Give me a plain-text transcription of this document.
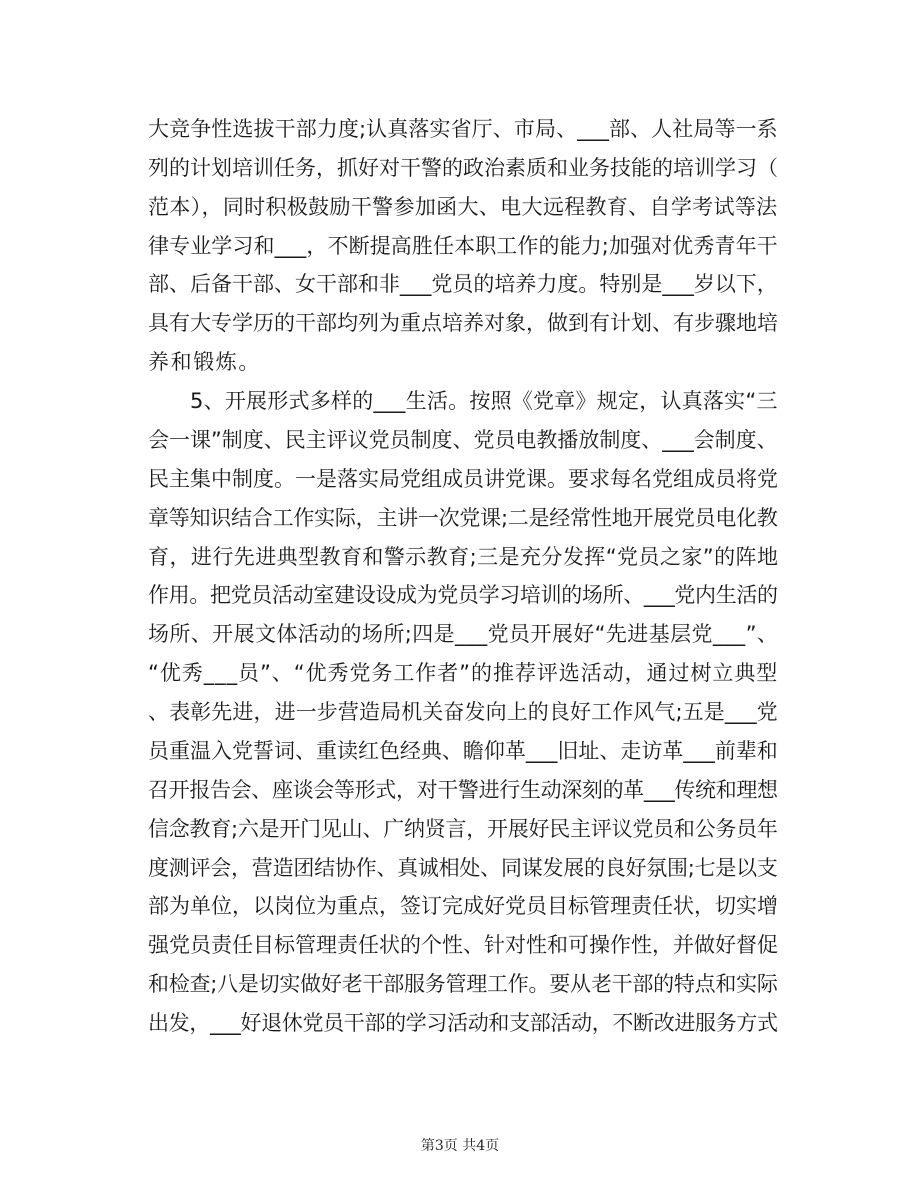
大竞争性选拔干部力度;认真落实省厅、市局、___部、人社局等一系
列的计划培训任务，抓好对干警的政治素质和业务技能的培训学习（
范本），同时积极鼓励干警参加函大、电大远程教育、自学考试等法
律专业学习和___，不断提高胜任本职工作的能力;加强对优秀青年干
部、后备干部、女干部和非___党员的培养力度。特别是___岁以下，
具有大专学历的干部均列为重点培养对象，做到有计划、有步骤地培
养和锻炼。
5、开展形式多样的___生活。按照《党章》规定，认真落实“三
会一课”制度、民主评议党员制度、党员电教播放制度、___会制度、
民主集中制度。一是落实局党组成员讲党课。要求每名党组成员将党
章等知识结合工作实际，主讲一次党课;二是经常性地开展党员电化教
育，进行先进典型教育和警示教育;三是充分发挥“党员之家”的阵地
作用。把党员活动室建设设成为党员学习培训的场所、___党内生活的
场所、开展文体活动的场所;四是___党员开展好“先进基层党___”、
“优秀___员”、“优秀党务工作者”的推荐评选活动，通过树立典型
、表彰先进，进一步营造局机关奋发向上的良好工作风气;五是___党
员重温入党誓词、重读红色经典、瞻仰革___旧址、走访革___前辈和
召开报告会、座谈会等形式，对干警进行生动深刻的革___传统和理想
信念教育;六是开门见山、广纳贤言，开展好民主评议党员和公务员年
度测评会，营造团结协作、真诚相处、同谋发展的良好氛围;七是以支
部为单位，以岗位为重点，签订完成好党员目标管理责任状，切实增
强党员责任目标管理责任状的个性、针对性和可操作性，并做好督促
和检查;八是切实做好老干部服务管理工作。要从老干部的特点和实际
出发，___好退休党员干部的学习活动和支部活动，不断改进服务方式
第3页 共4页
